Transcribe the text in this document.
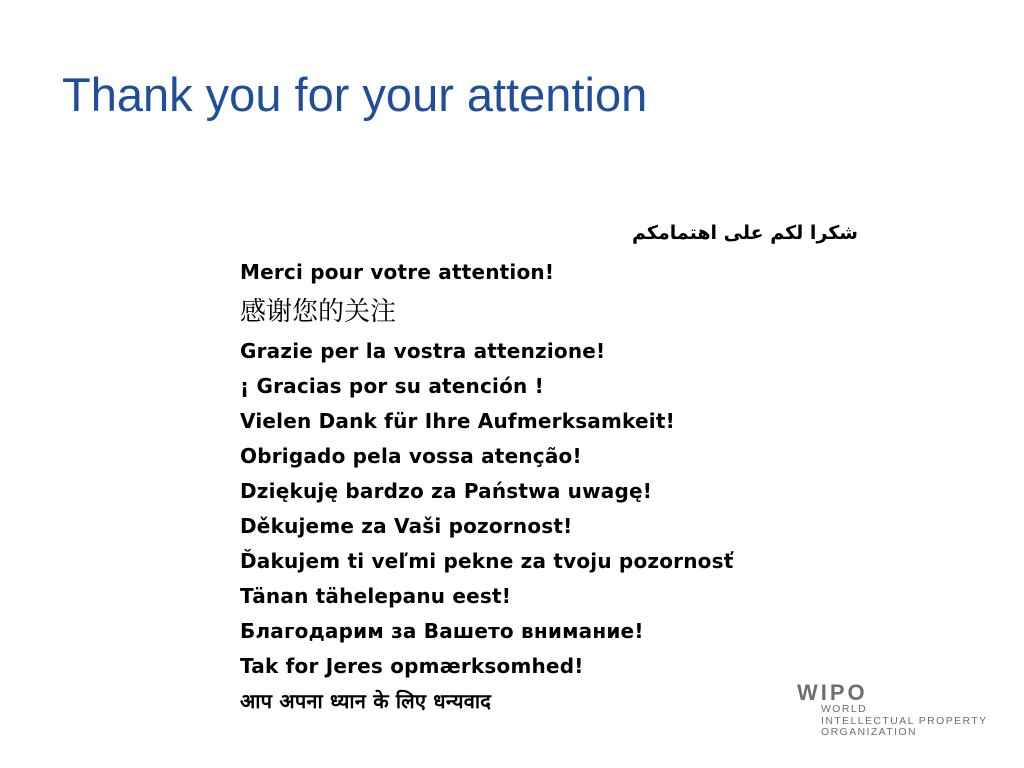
Thank you for your attention
شكرا لكم على اهتمامكم
Merci pour votre attention!
感谢您的关注
Grazie per la vostra attenzione!
¡ Gracias por su atención !
Vielen Dank für Ihre Aufmerksamkeit!
Obrigado pela vossa atenção!
Dziękuję bardzo za Państwa uwagę!
Děkujeme za Vaši pozornost!
Ďakujem ti veľmi pekne za tvoju pozornosť
Tänan tähelepanu eest!
Благодарим за Вашето внимание!
Tak for Jeres opmærksomhed!
आप अपना ध्यान के लिए धन्यवाद	WIPO
WORLD
INTELLECTUAL PROPERTY
ORGANIZATION
